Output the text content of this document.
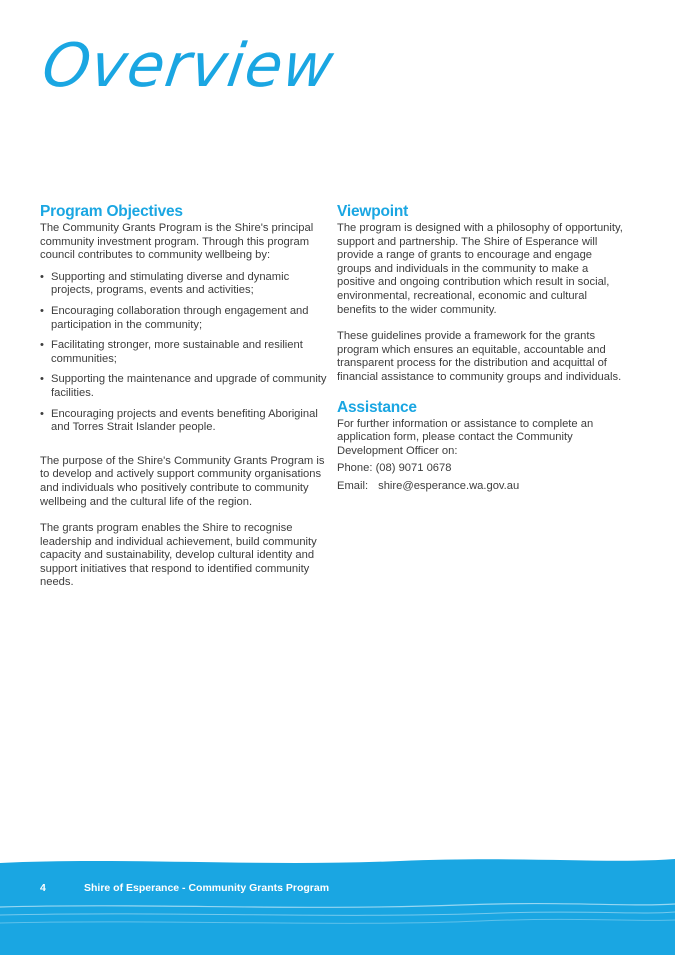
Overview
Program Objectives

The Community Grants Program is the Shire's principal community investment program. Through this program council contributes to community wellbeing by:

• Supporting and stimulating diverse and dynamic projects, programs, events and activities;
• Encouraging collaboration through engagement and participation in the community;
• Facilitating stronger, more sustainable and resilient communities;
• Supporting the maintenance and upgrade of community facilities.
• Encouraging projects and events benefiting Aboriginal and Torres Strait Islander people.

The purpose of the Shire's Community Grants Program is to develop and actively support community organisations and individuals who positively contribute to community wellbeing and the cultural life of the region.

The grants program enables the Shire to recognise leadership and individual achievement, build community capacity and sustainability, develop cultural identity and support initiatives that respond to identified community needs.

Viewpoint

The program is designed with a philosophy of opportunity, support and partnership. The Shire of Esperance will provide a range of grants to encourage and engage groups and individuals in the community to make a positive and ongoing contribution which result in social, environmental, recreational, economic and cultural benefits to the wider community.

These guidelines provide a framework for the grants program which ensures an equitable, accountable and transparent process for the distribution and acquittal of financial assistance to community groups and individuals.

Assistance

For further information or assistance to complete an application form, please contact the Community Development Officer on:

Phone: (08) 9071 0678

Email: shire@esperance.wa.gov.au

4	Shire of Esperance - Community Grants Program
